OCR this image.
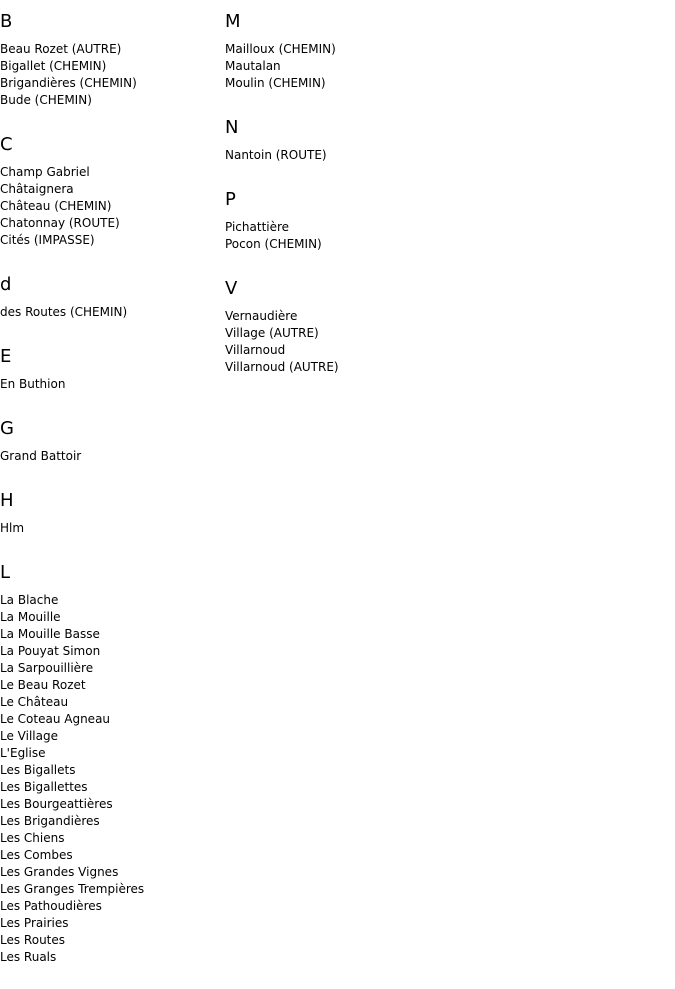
B
Beau Rozet (AUTRE)
Bigallet (CHEMIN)
Brigandières (CHEMIN)
Bude (CHEMIN)
C
Champ Gabriel
Châtaignera
Château (CHEMIN)
Chatonnay (ROUTE)
Cités (IMPASSE)
d
des Routes (CHEMIN)
E
En Buthion
G
Grand Battoir
H
Hlm
L
La Blache
La Mouille
La Mouille Basse
La Pouyat Simon
La Sarpouillière
Le Beau Rozet
Le Château
Le Coteau Agneau
Le Village
L'Eglise
Les Bigallets
Les Bigallettes
Les Bourgeattières
Les Brigandières
Les Chiens
Les Combes
Les Grandes Vignes
Les Granges Trempières
Les Pathoudières
Les Prairies
Les Routes
Les Ruals
M
Mailloux (CHEMIN)
Mautalan
Moulin (CHEMIN)
N
Nantoin (ROUTE)
P
Pichattière
Pocon (CHEMIN)
V
Vernaudière
Village (AUTRE)
Villarnoud
Villarnoud (AUTRE)
